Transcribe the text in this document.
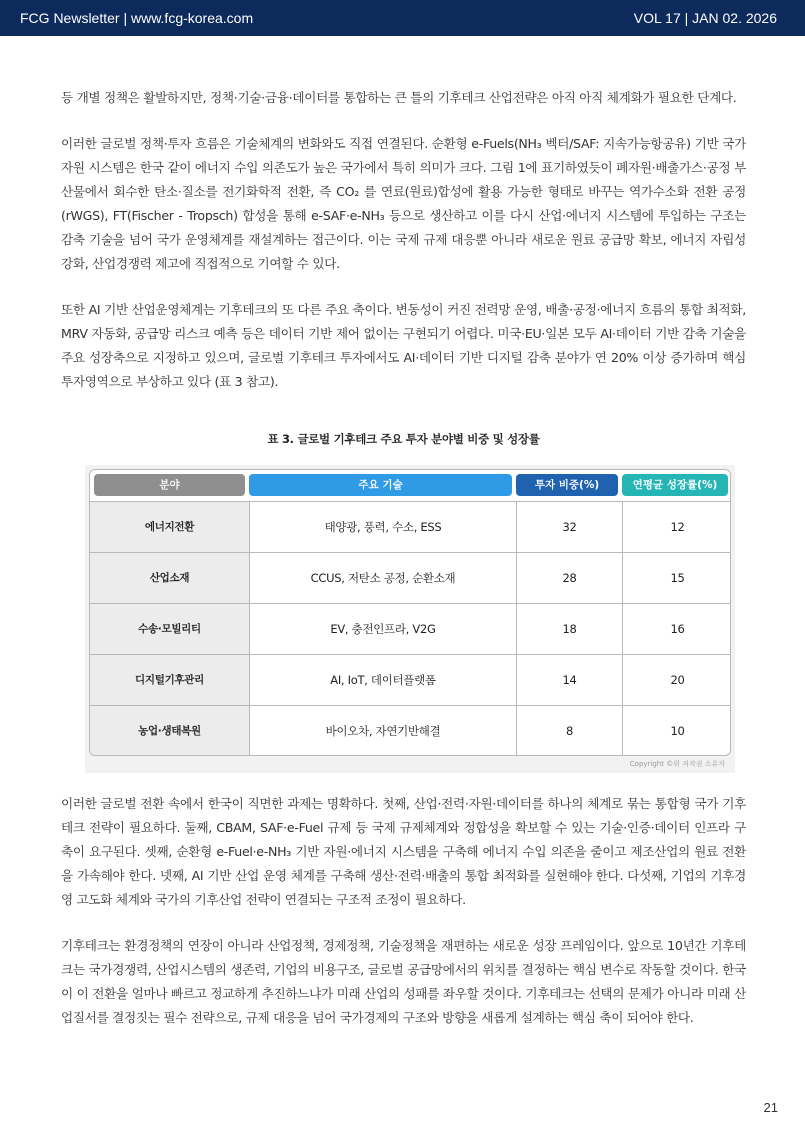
FCG Newsletter | www.fcg-korea.com	VOL 17 | JAN 02. 2026

등 개별 정책은 활발하지만, 정책·기술·금융·데이터를 통합하는 큰 틀의 기후테크 산업전략은 아직 아직 체계화가 필요한 단계다.

이러한 글로벌 정책·투자 흐름은 기술체계의 변화와도 직접 연결된다. 순환형 e-Fuels(NH₃ 벡터/SAF: 지속가능항공유) 기반 국가자원 시스템은 한국 같이 에너지 수입 의존도가 높은 국가에서 특히 의미가 크다. 그림 1에 표기하였듯이 폐자원·배출가스·공정 부산물에서 회수한 탄소·질소를 전기화학적 전환, 즉 CO₂ 를 연료(원료)합성에 활용 가능한 형태로 바꾸는 역가수소화 전환 공정(rWGS), FT(Fischer - Tropsch) 합성을 통해 e-SAF·e-NH₃ 등으로 생산하고 이를 다시 산업·에너지 시스템에 투입하는 구조는 감축 기술을 넘어 국가 운영체계를 재설계하는 접근이다. 이는 국제 규제 대응뿐 아니라 새로운 원료 공급망 확보, 에너지 자립성 강화, 산업경쟁력 제고에 직접적으로 기여할 수 있다.

또한 AI 기반 산업운영체계는 기후테크의 또 다른 주요 축이다. 변동성이 커진 전력망 운영, 배출·공정·에너지 흐름의 통합 최적화, MRV 자동화, 공급망 리스크 예측 등은 데이터 기반 제어 없이는 구현되기 어렵다. 미국·EU·일본 모두 AI·데이터 기반 감축 기술을 주요 성장축으로 지정하고 있으며, 글로벌 기후테크 투자에서도 AI·데이터 기반 디지털 감축 분야가 연 20% 이상 증가하며 핵심 투자영역으로 부상하고 있다 (표 3 참고).

표 3. 글로벌 기후테크 주요 투자 분야별 비중 및 성장률

분야	주요 기술	투자 비중(%)	연평균 성장률(%)
에너지전환	태양광, 풍력, 수소, ESS	32	12
산업소재	CCUS, 저탄소 공정, 순환소재	28	15
수송·모빌리티	EV, 충전인프라, V2G	18	16
디지털기후관리	AI, IoT, 데이터플랫폼	14	20
농업·생태복원	바이오차, 자연기반해결	8	10
Copyright ©위 저작권 소유자

이러한 글로벌 전환 속에서 한국이 직면한 과제는 명확하다. 첫째, 산업·전력·자원·데이터를 하나의 체계로 묶는 통합형 국가 기후테크 전략이 필요하다. 둘째, CBAM, SAF·e-Fuel 규제 등 국제 규제체계와 정합성을 확보할 수 있는 기술·인증·데이터 인프라 구축이 요구된다. 셋째, 순환형 e-Fuel·e-NH₃ 기반 자원·에너지 시스템을 구축해 에너지 수입 의존을 줄이고 제조산업의 원료 전환을 가속해야 한다. 넷째, AI 기반 산업 운영 체계를 구축해 생산·전력·배출의 통합 최적화를 실현해야 한다. 다섯째, 기업의 기후경영 고도화 체계와 국가의 기후산업 전략이 연결되는 구조적 조정이 필요하다.

기후테크는 환경정책의 연장이 아니라 산업정책, 경제정책, 기술정책을 재편하는 새로운 성장 프레임이다. 앞으로 10년간 기후테크는 국가경쟁력, 산업시스템의 생존력, 기업의 비용구조, 글로벌 공급망에서의 위치를 결정하는 핵심 변수로 작동할 것이다. 한국이 이 전환을 얼마나 빠르고 정교하게 추진하느냐가 미래 산업의 성패를 좌우할 것이다. 기후테크는 선택의 문제가 아니라 미래 산업질서를 결정짓는 필수 전략으로, 규제 대응을 넘어 국가경제의 구조와 방향을 새롭게 설계하는 핵심 축이 되어야 한다.

21
